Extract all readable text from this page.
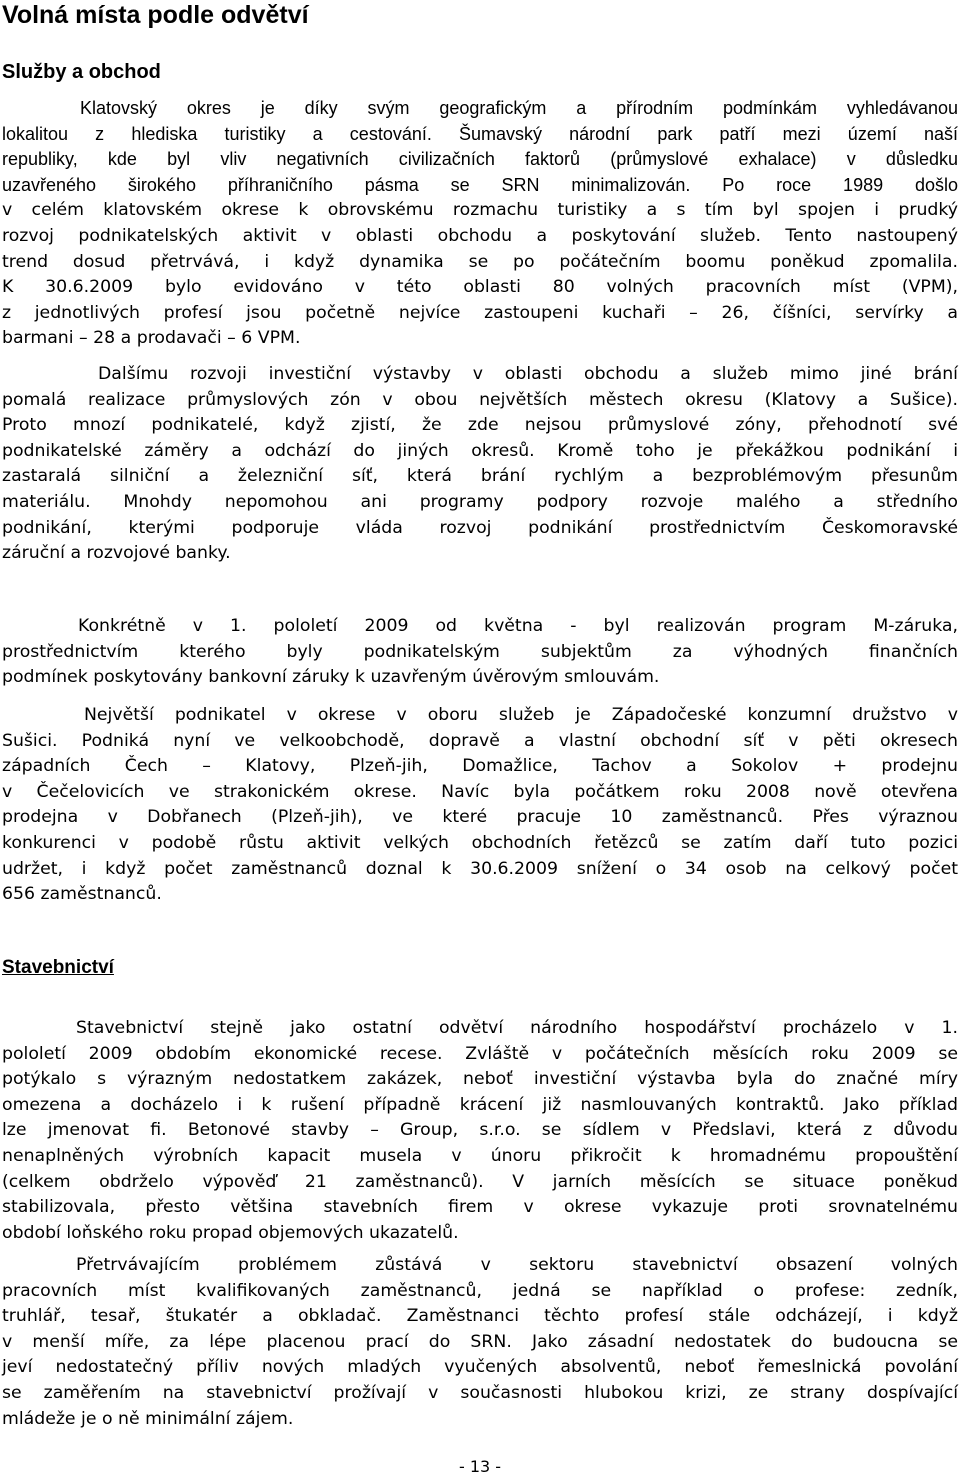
Volná místa podle odvětví
Služby a obchod
Klatovský okres je díky svým geografickým a přírodním podmínkám vyhledávanou
lokalitou z hlediska turistiky a cestování. Šumavský národní park patří mezi území naší
republiky, kde byl vliv negativních civilizačních faktorů (průmyslové exhalace) v důsledku
uzavřeného širokého příhraničního pásma se SRN minimalizován. Po roce 1989 došlo
v celém klatovském okrese k obrovskému rozmachu turistiky a s tím byl spojen i prudký
rozvoj podnikatelských aktivit v oblasti obchodu a poskytování služeb. Tento nastoupený
trend dosud přetrvává, i když dynamika se po počátečním boomu poněkud zpomalila.
K 30.6.2009 bylo evidováno v této oblasti 80 volných pracovních míst (VPM),
z jednotlivých profesí jsou početně nejvíce zastoupeni kuchaři – 26, číšníci, servírky a
barmani – 28 a prodavači – 6 VPM.
Dalšímu rozvoji investiční výstavby v oblasti obchodu a služeb mimo jiné brání
pomalá realizace průmyslových zón v obou největších městech okresu (Klatovy a Sušice).
Proto mnozí podnikatelé, když zjistí, že zde nejsou průmyslové zóny, přehodnotí své
podnikatelské záměry a odchází do jiných okresů. Kromě toho je překážkou podnikání i
zastaralá silniční a železniční síť, která brání rychlým a bezproblémovým přesunům
materiálu. Mnohdy nepomohou ani programy podpory rozvoje malého a středního
podnikání, kterými podporuje vláda rozvoj podnikání prostřednictvím Českomoravské
záruční a rozvojové banky.
Konkrétně v 1. pololetí 2009 od května - byl realizován program M-záruka,
prostřednictvím kterého byly podnikatelským subjektům za výhodných finančních
podmínek poskytovány bankovní záruky k uzavřeným úvěrovým smlouvám.
Největší podnikatel v okrese v oboru služeb je Západočeské konzumní družstvo v
Sušici. Podniká nyní ve velkoobchodě, dopravě a vlastní obchodní síť v pěti okresech
západních Čech – Klatovy, Plzeň-jih, Domažlice, Tachov a Sokolov + prodejnu
v Čečelovicích ve strakonickém okrese. Navíc byla počátkem roku 2008 nově otevřena
prodejna v Dobřanech (Plzeň-jih), ve které pracuje 10 zaměstnanců. Přes výraznou
konkurenci v podobě růstu aktivit velkých obchodních řetězců se zatím daří tuto pozici
udržet, i když počet zaměstnanců doznal k 30.6.2009 snížení o 34 osob na celkový počet
656 zaměstnanců.
Stavebnictví
Stavebnictví stejně jako ostatní odvětví národního hospodářství procházelo v 1.
pololetí 2009 obdobím ekonomické recese. Zvláště v počátečních měsících roku 2009 se
potýkalo s výrazným nedostatkem zakázek, neboť investiční výstavba byla do značné míry
omezena a docházelo i k rušení případně krácení již nasmlouvaných kontraktů. Jako příklad
lze jmenovat fi. Betonové stavby – Group, s.r.o. se sídlem v Předslavi, která z důvodu
nenaplněných výrobních kapacit musela v únoru přikročit k hromadnému propouštění
(celkem obdrželo výpověď 21 zaměstnanců). V jarních měsících se situace poněkud
stabilizovala, přesto většina stavebních firem v okrese vykazuje proti srovnatelnému
období loňského roku propad objemových ukazatelů.
Přetrvávajícím problémem zůstává v sektoru stavebnictví obsazení volných
pracovních míst kvalifikovaných zaměstnanců, jedná se například o profese: zedník,
truhlář, tesař, štukatér a obkladač. Zaměstnanci těchto profesí stále odcházejí, i když
v menší míře, za lépe placenou prací do SRN. Jako zásadní nedostatek do budoucna se
jeví nedostatečný příliv nových mladých vyučených absolventů, neboť řemeslnická povolání
se zaměřením na stavebnictví prožívají v současnosti hlubokou krizi, ze strany dospívající
mládeže je o ně minimální zájem.
- 13 -
